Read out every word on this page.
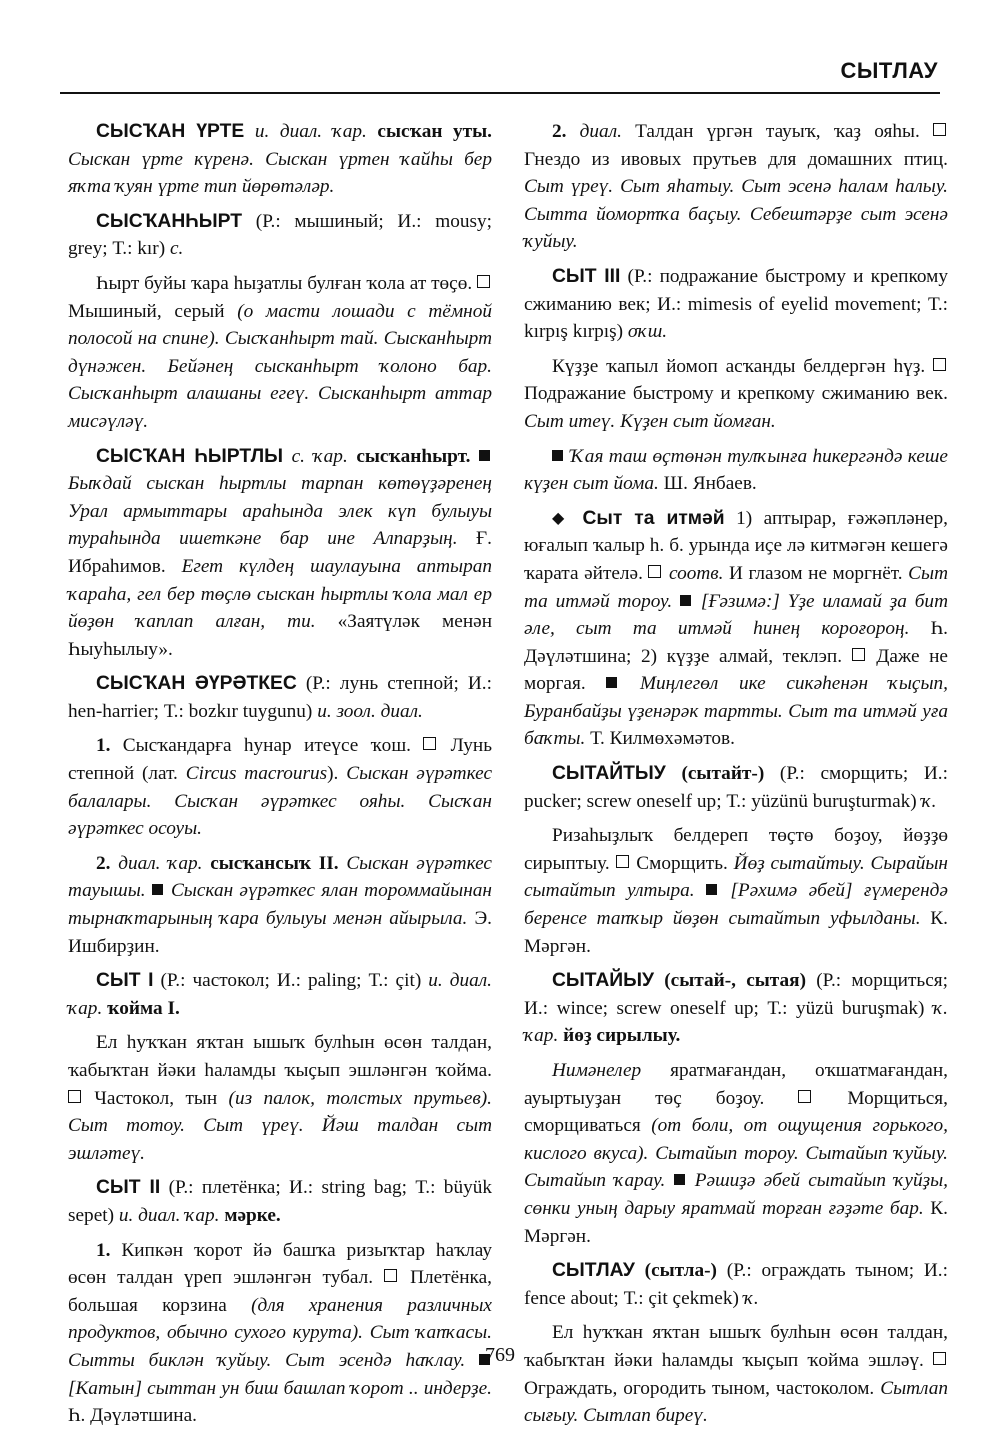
СЫТЛАУ

СЫСҠАН ҮРТЕ и. диал. ҡар. сысҡан уты. Сыскан үрте күренә. Сыскан үртен ҡайһы бер яҡта ҡуян үрте тип йөрөтәләр.

СЫСҠАНҺЫРТ (Р.: мышиный; И.: mousy; grey; Т.: kır) с.

Һырт буйы ҡара һыҙатлы булған ҡола ат төҫө.  Мышиный, серый (о масти лошади с тёмной полосой на спине). Сысҡанһырт тай. Сысканһырт дүнәжен. Бейәнең сысканһырт ҡолоно бар. Сысҡанһырт алашаны егеү. Сысканһырт аттар мисәүләү.

СЫСҠАН ҺЫРТЛЫ с. ҡар. сысҡанһырт.  Быҡдай сыскан һыртлы тарпан көтөүҙәренең Урал армыттары араһында элек күп булыуы тураһында ишеткәне бар ине Алпарҙың. Ғ. Ибраһимов. Егет күлдең шаулауына аптырап ҡараһа, гел бер төҫлө сыскан һыртлы ҡола мал ер йөҙөн ҡаплап алған, ти. «Заятүләк менән Һыуһылыу».

СЫСҠАН ӘҮРӘТКЕС (Р.: лунь степной; И.: hen-harrier; Т.: bozkır tuygunu) и. зоол. диал.

1. Сысҡандарға һунар итеүсе ҡош.  Лунь степной (лат. Circus macrourus). Сыскан әүрәткес балалары. Сысҡан әүрәткес ояһы. Сысҡан әүрәткес осоуы.

2. диал. ҡар. сысҡансыҡ II. Сыскан әүрәткес тауышы.  Сыскан әүрәткес ялан тороммайынан тырнаҡтарының ҡара булыуы менән айырыла. Э. Ишбирҙин.

СЫТ I (Р.: частокол; И.: paling; Т.: çit) и. диал. ҡар. ҡойма I.

Ел һуҡҡан яҡтан ышыҡ булһын өсөн талдан, ҡабыҡтан йәки һаламды ҡыҫып эшләнгән ҡойма.  Частокол, тын (из палок, толстых прутьев). Сыт тотоу. Сыт үреү. Йәш талдан сыт эшләтеү.

СЫТ II (Р.: плетёнка; И.: string bag; Т.: büyük sepet) и. диал. ҡар. мәрке.

1. Кипкән ҡорот йә башҡа ризыҡтар һаҡлау өсөн талдан үреп эшләнгән тубал.  Плетёнка, большая корзина (для хранения различных продуктов, обычно сухого курута). Сыт ҡапҡасы. Сытты биклән ҡуйыу. Сыт эсендә һаҡлау.  [Катын] сыттан ун биш башлап ҡорот .. индерҙе. Һ. Дәүләтшина.

2. диал. Талдан үргән тауыҡ, ҡаҙ ояһы.  Гнездо из ивовых прутьев для домашних птиц. Сыт үреү. Сыт яһатыу. Сыт эсенә һалам һалыу. Сытта йомортҡа баҫыу. Себештәрҙе сыт эсенә ҡуйыу.

СЫТ III (Р.: подражание быстрому и крепкому сжиманию век; И.: mimesis of eyelid movement; Т.: kırpış kırpış) оҡш.

Күҙҙе ҡапыл йомоп асҡанды белдергән һүҙ.  Подражание быстрому и крепкому сжиманию век. Сыт итеү. Күҙен сыт йомған.

Ҡая таш өҫтөнән тулҡынға һикергәндә кеше күҙен сыт йома. Ш. Янбаев.

◆ Сыт та итмәй 1) аптырар, ғәжәпләнер, юғалып ҡалыр һ. б. урында иҫе лә китмәгән кешегә ҡарата әйтелә.  соотв. И глазом не моргнёт. Сыт та итмәй тороу.  [Ғәзимә:] Үҙе иламай ҙа бит әле, сыт та итмәй һинең короғороң. Һ. Дәүләтшина; 2) күҙҙе алмай, теклэп.  Даже не моргая.  Миңлегөл ике сикәһенән ҡыҫып, Буранбайҙы үҙенәрәк тартты. Сыт та итмәй уға баҡты. Т. Килмөхәмәтов.

СЫТАЙТЫУ (сытайт-) (Р.: сморщить; И.: pucker; screw oneself up; Т.: yüzünü buruşturmak) ҡ.

Ризаһыҙлыҡ белдереп төҫтө боҙоу, йөҙҙө сирыптыу.  Сморщить. Йөҙ сытайтыу. Сырайын сытайтып ултыра.  [Рәхимә әбей] ғүмерендә беренсе тапҡыр йөҙөн сытайтып уфылданы. К. Мәргән.

СЫТАЙЫУ (сытай-, сытая) (Р.: морщиться; И.: wince; screw oneself up; Т.: yüzü buruşmak) ҡ. ҡар. йөҙ сирылыу.

Нимәнелер яратмағандан, оҡшатмағандан, ауыртыуҙан төҫ боҙоу.	Морщиться, сморщиваться (от боли, от ощущения горького, кислого вкуса). Сытайып тороу. Сытайып ҡуйыу. Сытайып ҡарау.  Рәшиҙә әбей сытайып ҡуйҙы, сөнки уның дарыу яратмай торған ғәҙәте бар. К. Мәргән.

СЫТЛАУ (сытла-) (Р.: ограждать тыном; И.: fence about; Т.: çit çekmek) ҡ.

Ел һуҡҡан яҡтан ышыҡ булһын өсөн талдан, ҡабыҡтан йәки һаламды ҡыҫып ҡойма эшләү.  Ограждать, огородить тыном, частоколом. Сытлап сығыу. Сытлап биреү.

769
